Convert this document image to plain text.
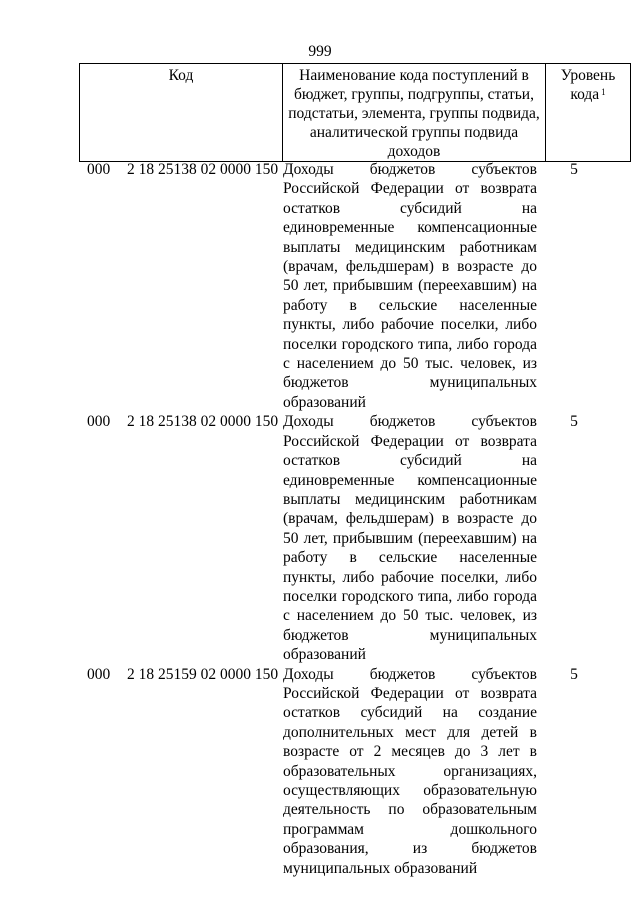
999
Код	Наименование кода поступлений в бюджет, группы, подгруппы, статьи, подстатьи, элемента, группы подвида, аналитической группы подвида доходов	Уровень кода $^1$
000	2 18 25138 02 0000 150 Доходы бюджетов субъектов Российской Федерации от возврата остатков субсидий на единовременные компенсационные выплаты медицинским работникам (врачам, фельдшерам) в возрасте до 50 лет, прибывшим (переехавшим) на работу в сельские населенные пункты, либо рабочие поселки, либо поселки городского типа, либо города с населением до 50 тыс. человек, из бюджетов муниципальных образований
5
000	2 18 25138 02 0000 150 Доходы бюджетов субъектов Российской Федерации от возврата остатков субсидий на единовременные компенсационные выплаты медицинским работникам (врачам, фельдшерам) в возрасте до 50 лет, прибывшим (переехавшим) на работу в сельские населенные пункты, либо рабочие поселки, либо поселки городского типа, либо города с населением до 50 тыс. человек, из бюджетов муниципальных образований
5
000	2 18 25159 02 0000 150 Доходы бюджетов субъектов Российской Федерации от возврата остатков субсидий на создание дополнительных мест для детей в возрасте от 2 месяцев до 3 лет в образовательных организациях, осуществляющих образовательную деятельность по образовательным программам дошкольного образования, из бюджетов муниципальных образований
5
